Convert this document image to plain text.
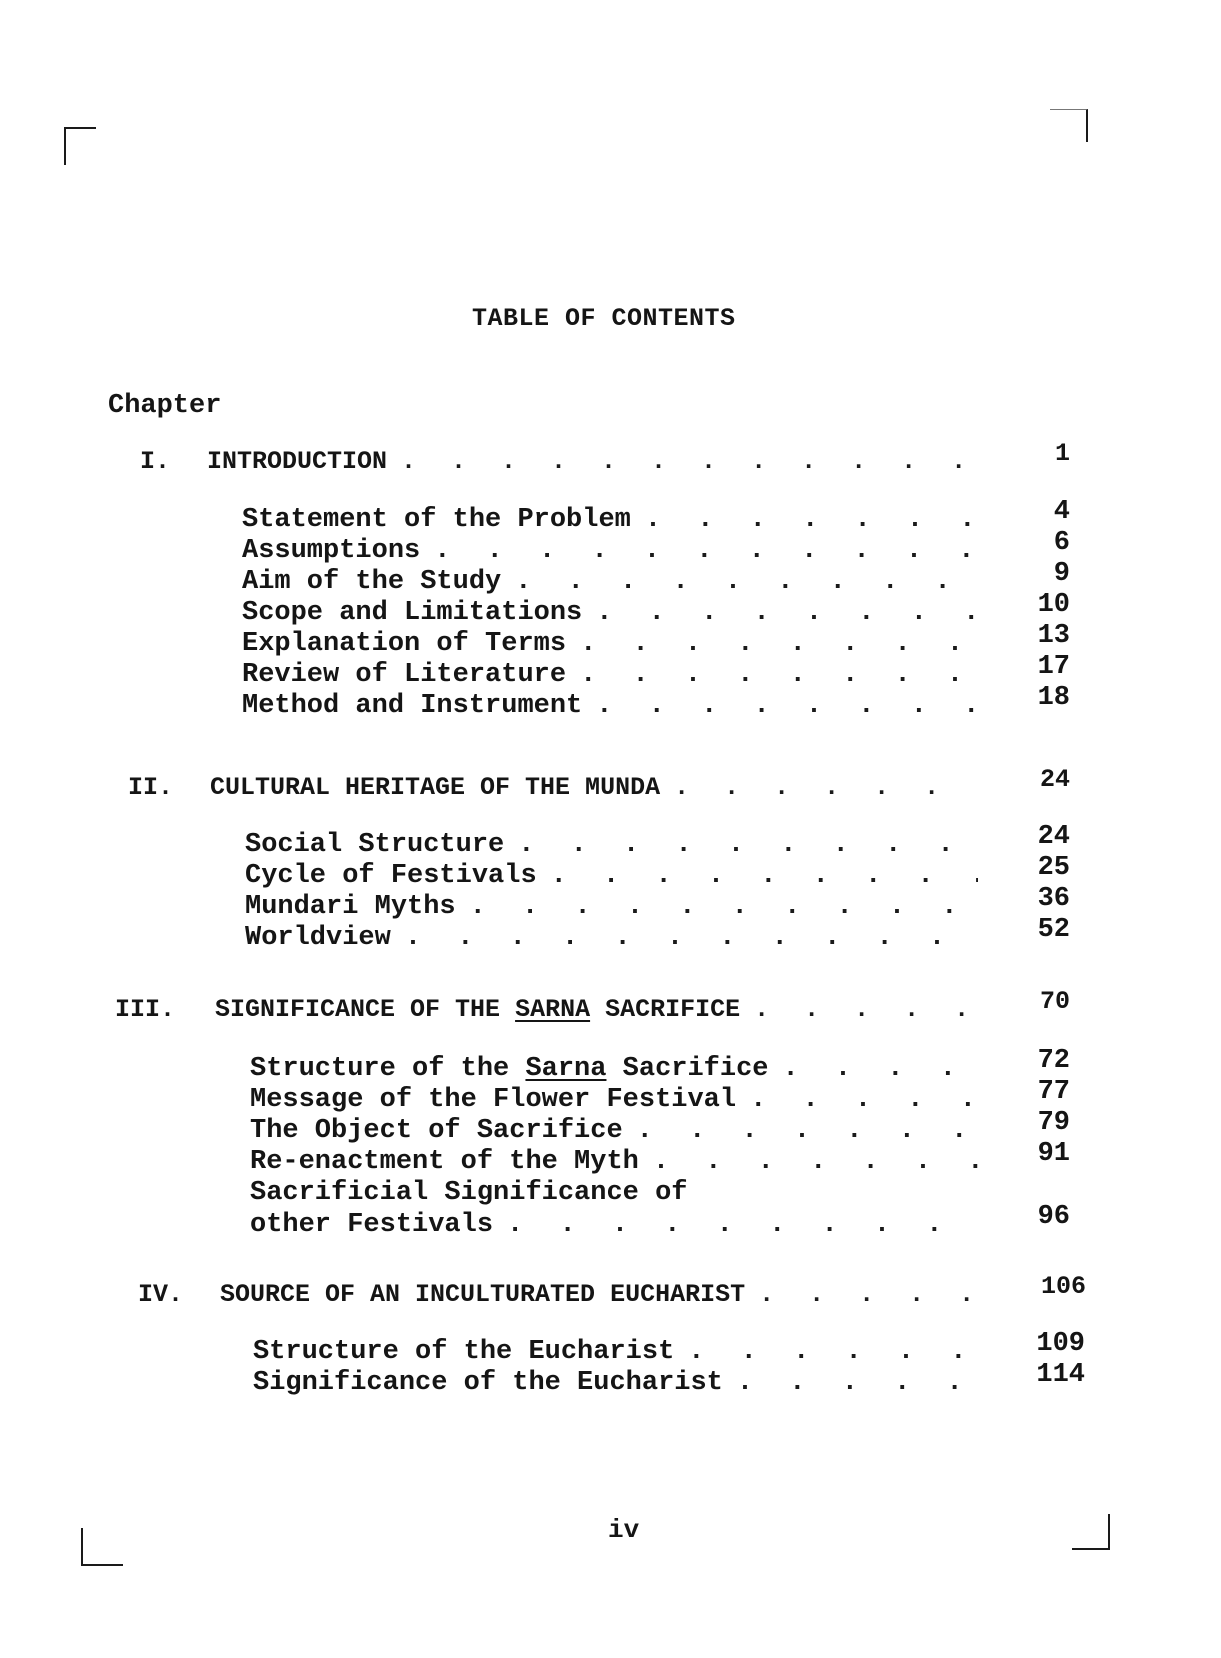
TABLE OF CONTENTS
Chapter
I. INTRODUCTION . . .	1
Statement of the Problem . . .	4
Assumptions . . .	6
Aim of the Study . . .	9
Scope and Limitations . . .	10
Explanation of Terms . . .	13
Review of Literature . . .	17
Method and Instrument . . .	18
II. CULTURAL HERITAGE OF THE MUNDA . . .	24
Social Structure . . .	24
Cycle of Festivals . . .	25
Mundari Myths . . .	36
Worldview . . .	52
III. SIGNIFICANCE OF THE SARNA SACRIFICE . . .	70
Structure of the Sarna Sacrifice . . .	72
Message of the Flower Festival . . .	77
The Object of Sacrifice . . .	79
Re-enactment of the Myth . . .	91
Sacrificial Significance of
other Festivals . . .	96
IV. SOURCE OF AN INCULTURATED EUCHARIST . . .	106
Structure of the Eucharist . . .	109
Significance of the Eucharist . . .	114
iv
